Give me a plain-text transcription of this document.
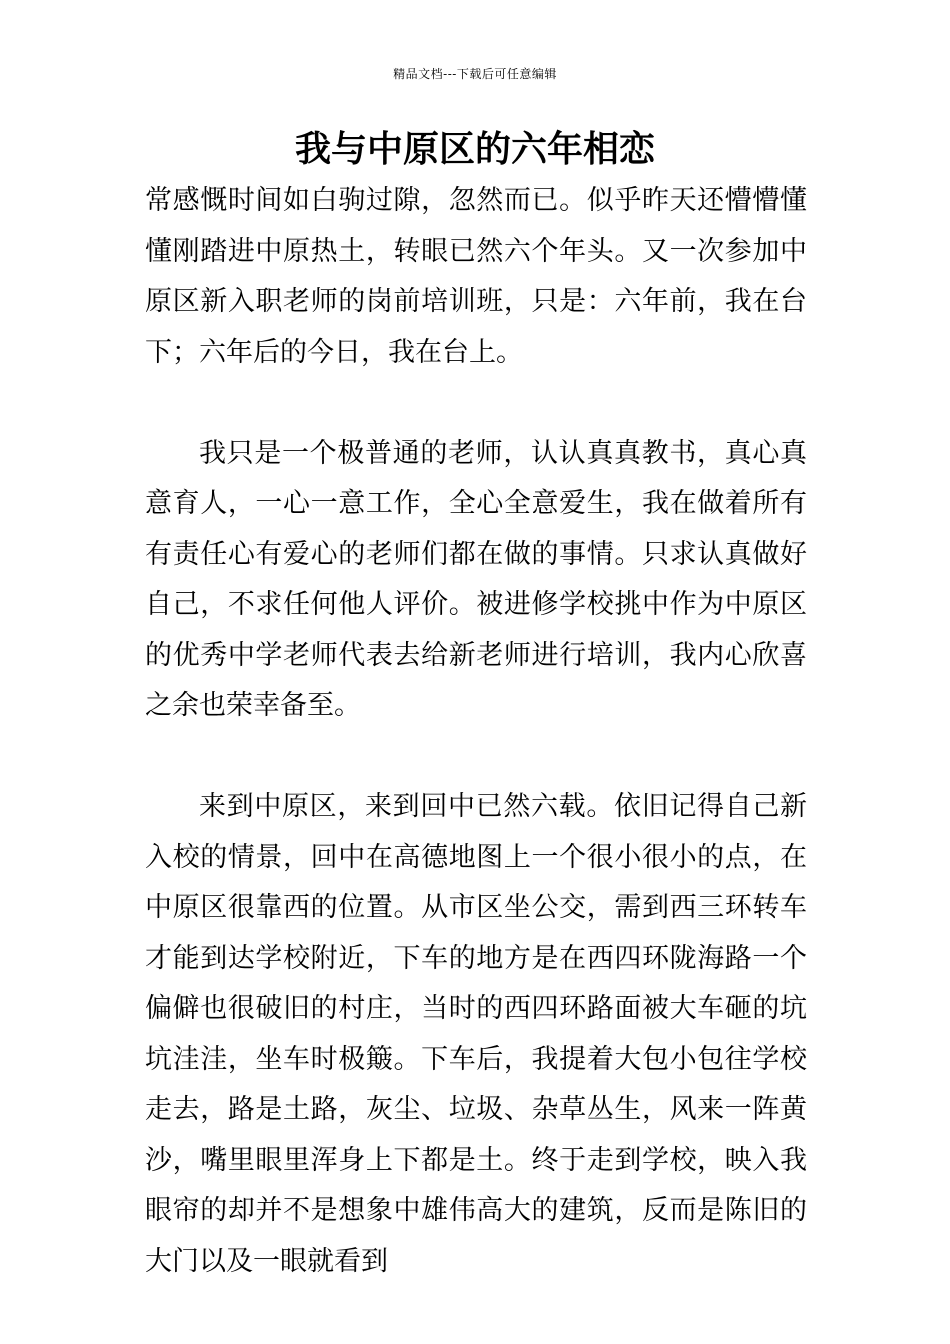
精品文档---下载后可任意编辑
我与中原区的六年相恋

常感慨时间如白驹过隙，忽然而已。似乎昨天还懵懵懂懂刚踏进中原热土，转眼已然六个年头。又一次参加中原区新入职老师的岗前培训班，只是：六年前，我在台下；六年后的今日，我在台上。

我只是一个极普通的老师，认认真真教书，真心真意育人，一心一意工作，全心全意爱生，我在做着所有有责任心有爱心的老师们都在做的事情。只求认真做好自己，不求任何他人评价。被进修学校挑中作为中原区的优秀中学老师代表去给新老师进行培训，我内心欣喜之余也荣幸备至。

来到中原区，来到回中已然六载。依旧记得自己新入校的情景，回中在高德地图上一个很小很小的点，在中原区很靠西的位置。从市区坐公交，需到西三环转车才能到达学校附近，下车的地方是在西四环陇海路一个偏僻也很破旧的村庄，当时的西四环路面被大车砸的坑坑洼洼，坐车时极簸。下车后，我提着大包小包往学校走去，路是土路，灰尘、垃圾、杂草丛生，风来一阵黄沙，嘴里眼里浑身上下都是土。终于走到学校，映入我眼帘的却并不是想象中雄伟高大的建筑，反而是陈旧的大门以及一眼就看到
